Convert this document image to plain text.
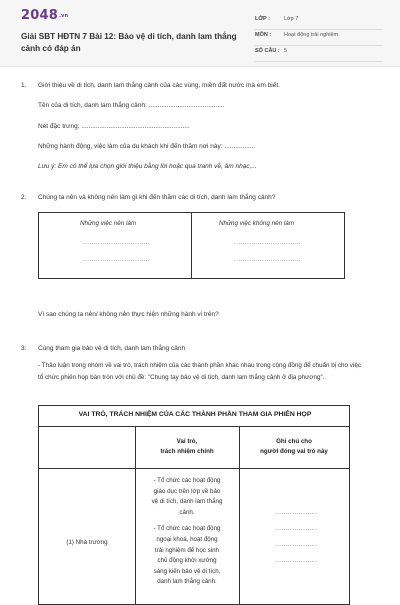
$2048^{.vn}$
Giải SBT HĐTN 7 Bài 12: Bảo vệ di tích, danh lam thắng cảnh có đáp án
LỚP :	Lớp 7
MÔN : Hoạt động trải nghiệm
SỐ CÂU : 5
1. Giới thiệu về di tích, danh lam thắng cảnh của các vùng, miền đất nước mà em biết.
Tên của di tích, danh lam thắng cảnh: ..........................................
Nét đặc trưng: ............................................................
Những hành động, việc làm của du khách khi đến thăm nơi này: .................
Lưu ý: Em có thể lựa chọn giới thiệu bằng lời hoặc qua tranh vẽ, âm nhạc,...
2. Chúng ta nên và không nên làm gì khi đến thăm các di tích, danh lam thắng cảnh?
Những việc nên làm	Những việc không nên làm
...............................
...............................
...............................
...............................
Vì sao chúng ta nên/ không nên thực hiện những hành vi trên?
3. Cùng tham gia bảo vệ di tích, danh lam thắng cảnh
- Thảo luận trong nhóm về vai trò, trách nhiệm của các thành phần khác nhau trong cộng đồng để chuẩn bị cho việc tổ chức phiên họp bàn tròn với chủ đề: "Chung tay bảo vệ di tích, danh lam thắng cảnh ở địa phương".
VAI TRÒ, TRÁCH NHIỆM CỦA CÁC THÀNH PHẦN THAM GIA PHIÊN HỌP
Vai trò,
trách nhiệm chính
Ghi chú cho
người đóng vai trò này
(1) Nhà trường
- Tổ chức các hoạt động
giáo dục trên lớp về bảo
vệ di tích, danh lam thắng
cảnh.
- Tổ chức các hoạt động
ngoại khoá, hoạt động
trải nghiệm để học sinh
chủ động khởi xướng
sáng kiến bảo vệ di tích,
danh lam thắng cảnh.
....................
....................
....................
....................
